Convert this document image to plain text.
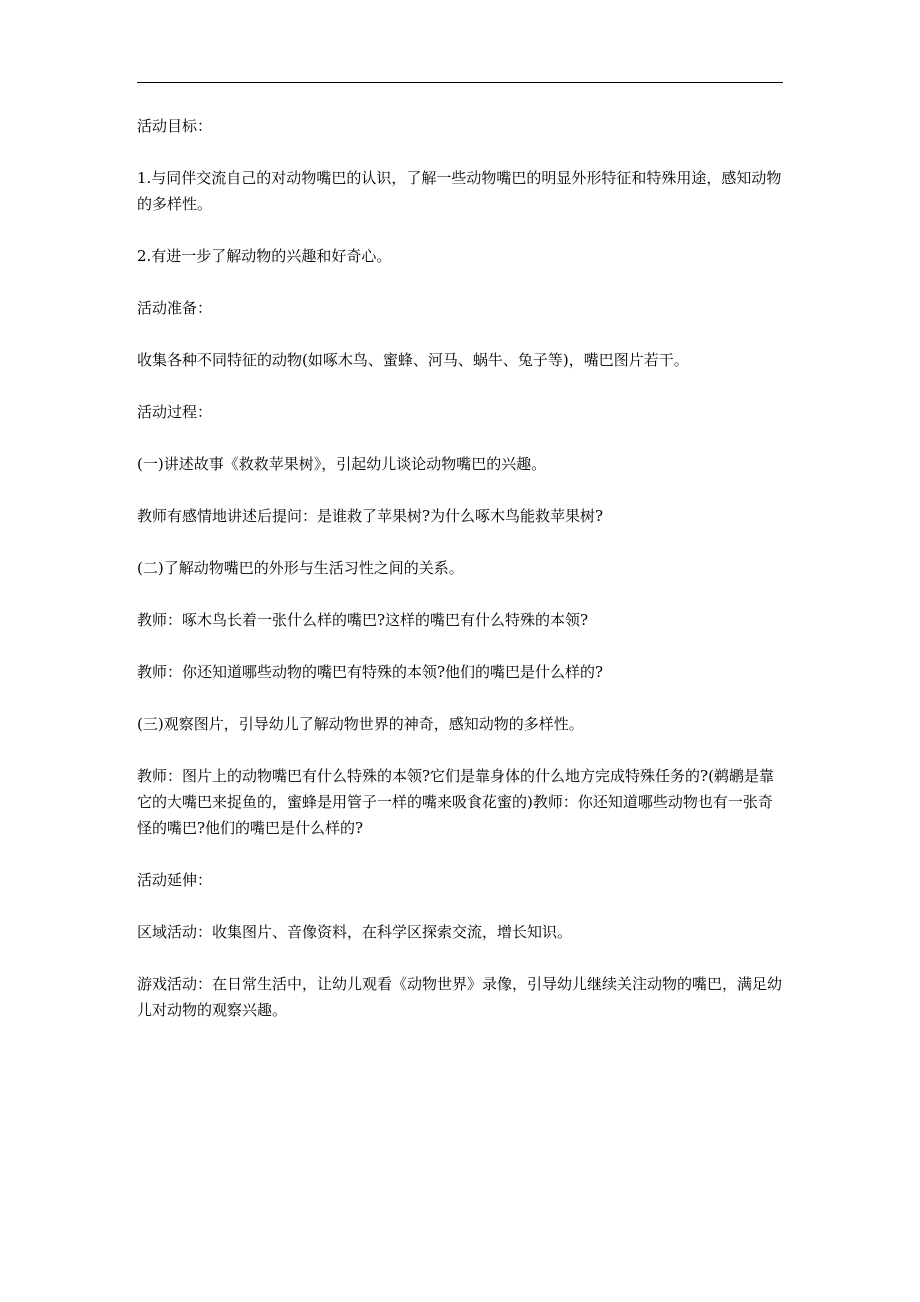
活动目标：

1.与同伴交流自己的对动物嘴巴的认识，了解一些动物嘴巴的明显外形特征和特殊用途，感知动物的多样性。

2.有进一步了解动物的兴趣和好奇心。

活动准备：

收集各种不同特征的动物(如啄木鸟、蜜蜂、河马、蜗牛、兔子等)，嘴巴图片若干。

活动过程：

(一)讲述故事《救救苹果树》，引起幼儿谈论动物嘴巴的兴趣。

教师有感情地讲述后提问：是谁救了苹果树?为什么啄木鸟能救苹果树?

(二)了解动物嘴巴的外形与生活习性之间的关系。

教师：啄木鸟长着一张什么样的嘴巴?这样的嘴巴有什么特殊的本领?

教师：你还知道哪些动物的嘴巴有特殊的本领?他们的嘴巴是什么样的?

(三)观察图片，引导幼儿了解动物世界的神奇，感知动物的多样性。

教师：图片上的动物嘴巴有什么特殊的本领?它们是靠身体的什么地方完成特殊任务的?(鹈鹕是靠它的大嘴巴来捉鱼的，蜜蜂是用管子一样的嘴来吸食花蜜的)教师：你还知道哪些动物也有一张奇怪的嘴巴?他们的嘴巴是什么样的?

活动延伸：

区域活动：收集图片、音像资料，在科学区探索交流，增长知识。

游戏活动：在日常生活中，让幼儿观看《动物世界》录像，引导幼儿继续关注动物的嘴巴，满足幼儿对动物的观察兴趣。
